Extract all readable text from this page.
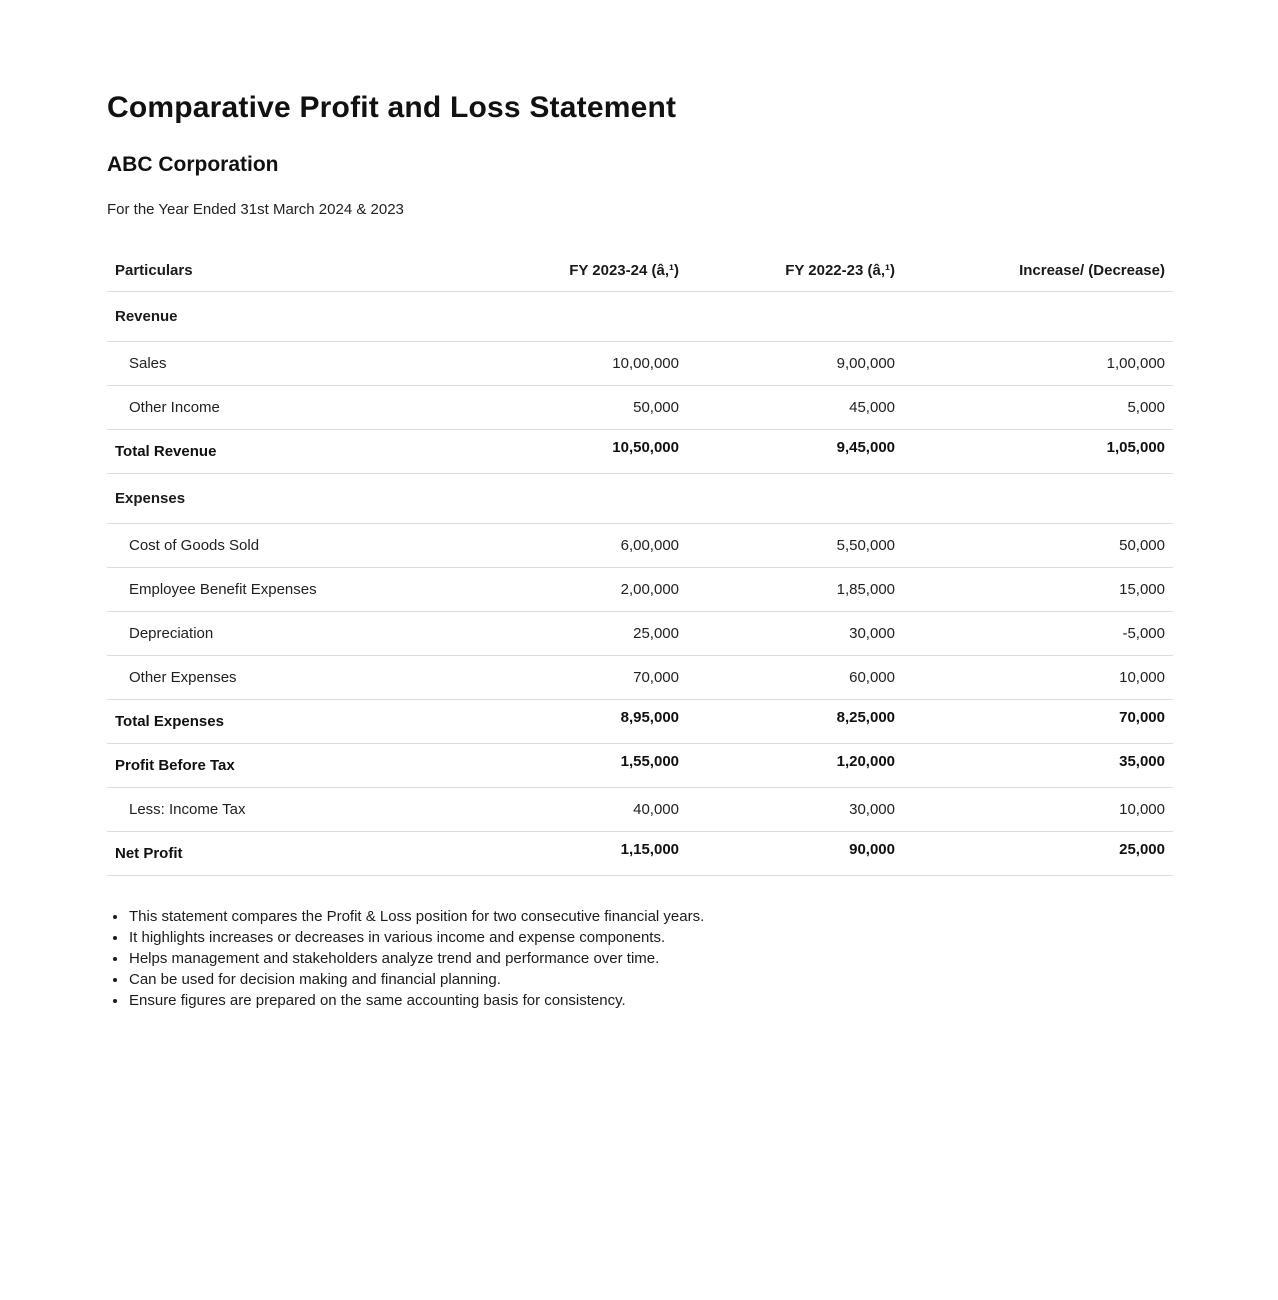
Comparative Profit and Loss Statement
ABC Corporation

For the Year Ended 31st March 2024 & 2023

Particulars	FY 2023-24 (â‚¹)	FY 2022-23 (â‚¹)	Increase/ (Decrease)
Revenue			
Sales	10,00,000	9,00,000	1,00,000
Other Income	50,000	45,000	5,000
Total Revenue	10,50,000	9,45,000	1,05,000
Expenses			
Cost of Goods Sold	6,00,000	5,50,000	50,000
Employee Benefit Expenses	2,00,000	1,85,000	15,000
Depreciation	25,000	30,000	-5,000
Other Expenses	70,000	60,000	10,000
Total Expenses	8,95,000	8,25,000	70,000
Profit Before Tax	1,55,000	1,20,000	35,000
Less: Income Tax	40,000	30,000	10,000
Net Profit	1,15,000	90,000	25,000
• This statement compares the Profit & Loss position for two consecutive financial years.
• It highlights increases or decreases in various income and expense components.
• Helps management and stakeholders analyze trend and performance over time.
• Can be used for decision making and financial planning.
• Ensure figures are prepared on the same accounting basis for consistency.
